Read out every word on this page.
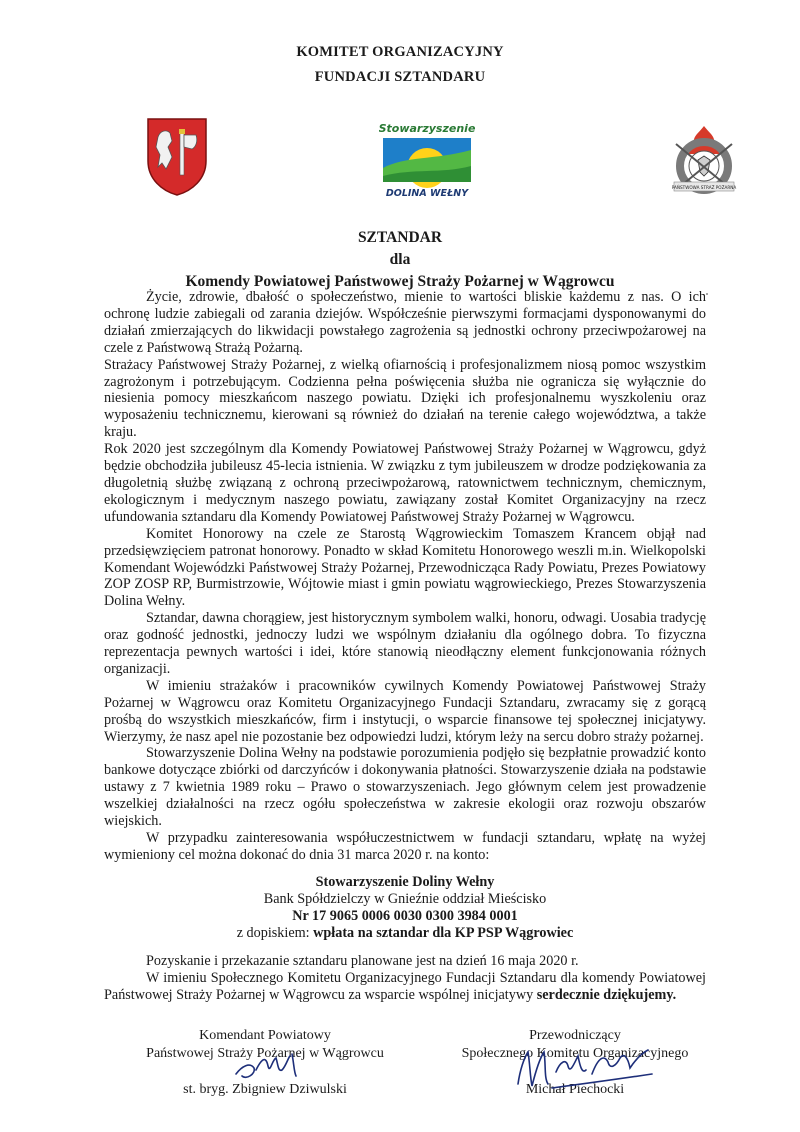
KOMITET ORGANIZACYJNY
FUNDACJI SZTANDARU
Stowarzyszenie
DOLINA WEŁNY
PAŃSTWOWA STRAŻ POŻARNA
SZTANDAR
dla
Komendy Powiatowej Państwowej Straży Pożarnej w Wągrowcu

Życie, zdrowie, dbałość o społeczeństwo, mienie to wartości bliskie każdemu z nas. O ich ochronę ludzie zabiegali od zarania dziejów. Współcześnie pierwszymi formacjami dysponowanymi do działań zmierzających do likwidacji powstałego zagrożenia są jednostki ochrony przeciwpożarowej na czele z Państwową Strażą Pożarną.

Strażacy Państwowej Straży Pożarnej, z wielką ofiarnością i profesjonalizmem niosą pomoc wszystkim zagrożonym i potrzebującym. Codzienna pełna poświęcenia służba nie ogranicza się wyłącznie do niesienia pomocy mieszkańcom naszego powiatu. Dzięki ich profesjonalnemu wyszkoleniu oraz wyposażeniu technicznemu, kierowani są również do działań na terenie całego województwa, a także kraju.

Rok 2020 jest szczególnym dla Komendy Powiatowej Państwowej Straży Pożarnej w Wągrowcu, gdyż będzie obchodziła jubileusz 45-lecia istnienia. W związku z tym jubileuszem w drodze podziękowania za długoletnią służbę związaną z ochroną przeciwpożarową, ratownictwem technicznym, chemicznym, ekologicznym i medycznym naszego powiatu, zawiązany został Komitet Organizacyjny na rzecz ufundowania sztandaru dla Komendy Powiatowej Państwowej Straży Pożarnej w Wągrowcu.

Komitet Honorowy na czele ze Starostą Wągrowieckim Tomaszem Krancem objął nad przedsięwzięciem patronat honorowy. Ponadto w skład Komitetu Honorowego weszli m.in. Wielkopolski Komendant Wojewódzki Państwowej Straży Pożarnej, Przewodnicząca Rady Powiatu, Prezes Powiatowy ZOP ZOSP RP, Burmistrzowie, Wójtowie miast i gmin powiatu wągrowieckiego, Prezes Stowarzyszenia Dolina Wełny.

Sztandar, dawna chorągiew, jest historycznym symbolem walki, honoru, odwagi. Uosabia tradycję oraz godność jednostki, jednoczy ludzi we wspólnym działaniu dla ogólnego dobra. To fizyczna reprezentacja pewnych wartości i idei, które stanowią nieodłączny element funkcjonowania różnych organizacji.

W imieniu strażaków i pracowników cywilnych Komendy Powiatowej Państwowej Straży Pożarnej w Wągrowcu oraz Komitetu Organizacyjnego Fundacji Sztandaru, zwracamy się z gorącą prośbą do wszystkich mieszkańców, firm i instytucji, o wsparcie finansowe tej społecznej inicjatywy. Wierzymy, że nasz apel nie pozostanie bez odpowiedzi ludzi, którym leży na sercu dobro straży pożarnej.

Stowarzyszenie Dolina Wełny na podstawie porozumienia podjęło się bezpłatnie prowadzić konto bankowe dotyczące zbiórki od darczyńców i dokonywania płatności. Stowarzyszenie działa na podstawie ustawy z 7 kwietnia 1989 roku – Prawo o stowarzyszeniach. Jego głównym celem jest prowadzenie wszelkiej działalności na rzecz ogółu społeczeństwa w zakresie ekologii oraz rozwoju obszarów wiejskich.

W przypadku zainteresowania współuczestnictwem w fundacji sztandaru, wpłatę na wyżej wymieniony cel można dokonać do dnia 31 marca 2020 r. na konto:

Stowarzyszenie Doliny Wełny
Bank Spółdzielczy w Gnieźnie oddział Mieścisko
Nr 17 9065 0006 0030 0300 3984 0001
z dopiskiem: wpłata na sztandar dla KP PSP Wągrowiec

Pozyskanie i przekazanie sztandaru planowane jest na dzień 16 maja 2020 r.

W imieniu Społecznego Komitetu Organizacyjnego Fundacji Sztandaru dla komendy Powiatowej Państwowej Straży Pożarnej w Wągrowcu za wsparcie wspólnej inicjatywy serdecznie dziękujemy.

Komendant Powiatowy
Państwowej Straży Pożarnej w Wągrowcu
st. bryg. Zbigniew Dziwulski
Przewodniczący
Społecznego Komitetu Organizacyjnego
Michał Piechocki
